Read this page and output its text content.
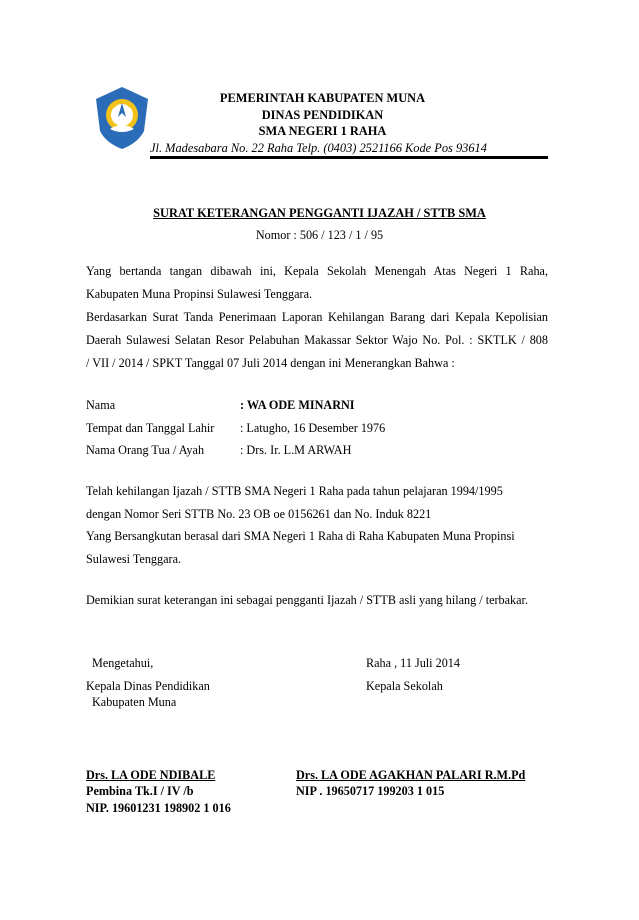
PEMERINTAH KABUPATEN MUNA
DINAS PENDIDIKAN
SMA NEGERI 1 RAHA
Jl. Madesabara No. 22 Raha Telp. (0403) 2521166 Kode Pos 93614
SURAT KETERANGAN PENGGANTI IJAZAH / STTB SMA
Nomor : 506 / 123 / 1 / 95
Yang bertanda tangan dibawah ini, Kepala Sekolah Menengah Atas Negeri 1 Raha,
Kabupaten Muna Propinsi Sulawesi Tenggara.
Berdasarkan Surat Tanda Penerimaan Laporan Kehilangan Barang dari Kepala Kepolisian
Daerah Sulawesi Selatan Resor Pelabuhan Makassar Sektor Wajo No. Pol. : SKTLK / 808
/ VII / 2014 / SPKT Tanggal 07 Juli 2014 dengan ini Menerangkan Bahwa :
Nama	: WA ODE MINARNI
Tempat dan Tanggal Lahir : Latugho, 16 Desember 1976
Nama Orang Tua / Ayah	: Drs. Ir. L.M ARWAH
Telah kehilangan Ijazah / STTB SMA Negeri 1 Raha pada tahun pelajaran 1994/1995
dengan Nomor Seri STTB No. 23 OB oe 0156261 dan No. Induk 8221
Yang Bersangkutan berasal dari SMA Negeri 1 Raha di Raha Kabupaten Muna Propinsi
Sulawesi Tenggara.
Demikian surat keterangan ini sebagai pengganti Ijazah / STTB asli yang hilang / terbakar.
Mengetahui,	Raha , 11 Juli 2014
Kepala Dinas Pendidikan	Kepala Sekolah
Kabupaten Muna
Drs. LA ODE NDIBALE	Drs. LA ODE AGAKHAN PALARI R.M.Pd
Pembina Tk.I / IV /b	NIP . 19650717 199203 1 015
NIP. 19601231 198902 1 016
